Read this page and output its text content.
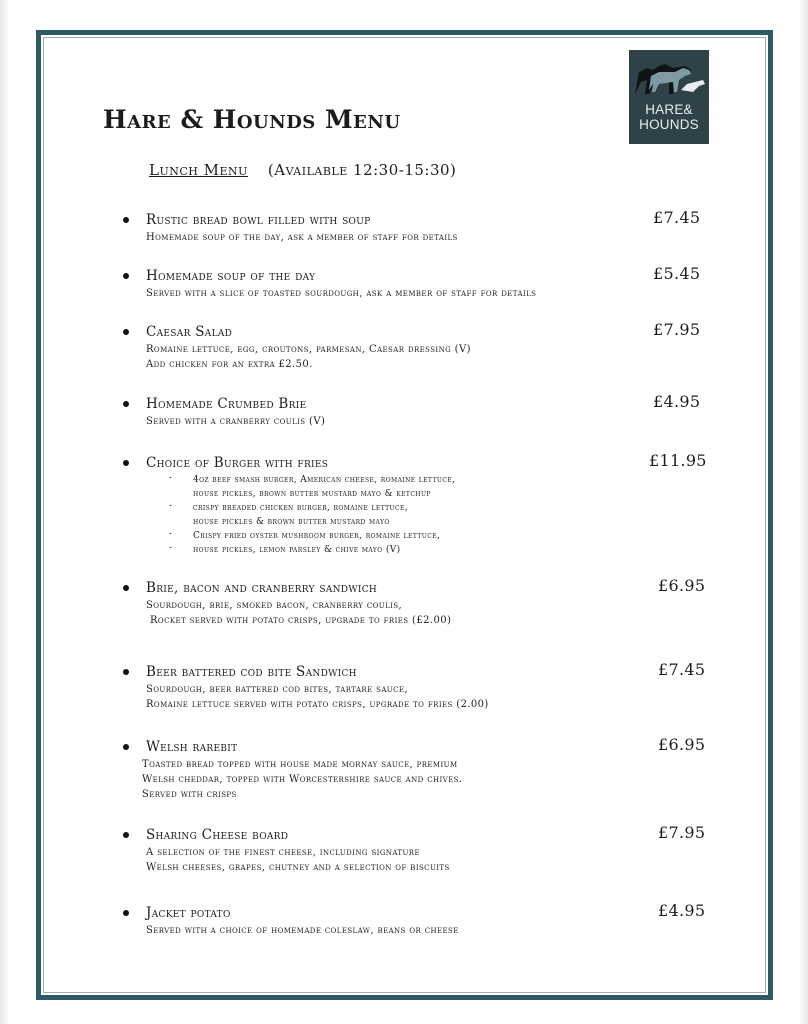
Hare & Hounds Menu	HARE&
HOUNDS
Lunch Menu (Available 12:30-15:30)
Rustic bread bowl filled with soup	£7.45
Homemade soup of the day, ask a member of staff for details
Homemade soup of the day	£5.45
Served with a slice of toasted sourdough, ask a member of staff for details
Caesar Salad	£7.95
Romaine lettuce, egg, croutons, parmesan, Caesar dressing (V)
Add chicken for an extra £2.50.
Homemade Crumbed Brie	£4.95
Served with a cranberry coulis (V)
Choice of Burger with fries	£11.95
- 4oz beef smash burger, American cheese, romaine lettuce,
house pickles, brown butter mustard mayo & ketchup
- crispy breaded chicken burger, romaine lettuce,
house pickles & brown butter mustard mayo
- Crispy fried oyster mushroom burger, romaine lettuce,
- house pickles, lemon parsley & chive mayo (V)
Brie, bacon and cranberry sandwich	£6.95
Sourdough, brie, smoked bacon, cranberry coulis,
Rocket served with potato crisps, upgrade to fries (£2.00)
Beer battered cod bite Sandwich	£7.45
Sourdough, beer battered cod bites, tartare sauce,
Romaine lettuce served with potato crisps, upgrade to fries (2.00)
Welsh rarebit	£6.95
Toasted bread topped with house made mornay sauce, premium
Welsh cheddar, topped with Worcestershire sauce and chives.
Served with crisps
Sharing Cheese board	£7.95
A selection of the finest cheese, including signature
Welsh cheeses, grapes, chutney and a selection of biscuits
Jacket potato	£4.95
Served with a choice of homemade coleslaw, beans or cheese
